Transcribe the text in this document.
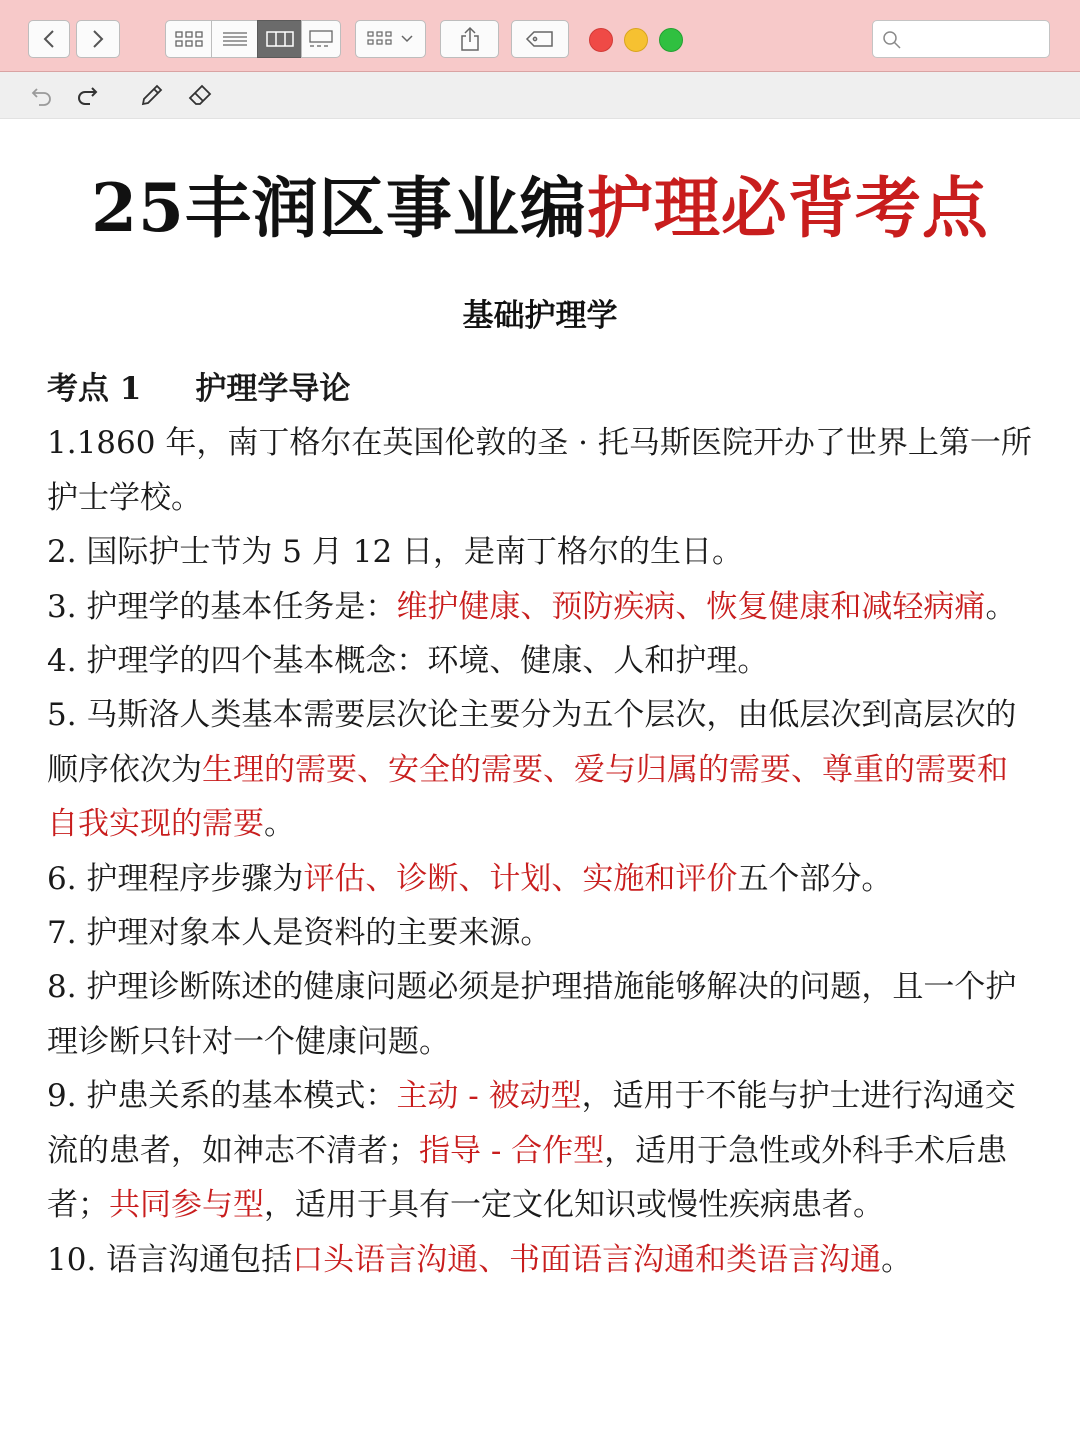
25丰润区事业编护理必背考点
基础护理学
考点 1     护理学导论

1.1860 年，南丁格尔在英国伦敦的圣 · 托马斯医院开办了世界上第一所护士学校。

2. 国际护士节为 5 月 12 日，是南丁格尔的生日。

3. 护理学的基本任务是：维护健康、预防疾病、恢复健康和减轻病痛。

4. 护理学的四个基本概念：环境、健康、人和护理。

5. 马斯洛人类基本需要层次论主要分为五个层次，由低层次到高层次的顺序依次为生理的需要、安全的需要、爱与归属的需要、尊重的需要和自我实现的需要。

6. 护理程序步骤为评估、诊断、计划、实施和评价五个部分。

7. 护理对象本人是资料的主要来源。

8. 护理诊断陈述的健康问题必须是护理措施能够解决的问题，且一个护理诊断只针对一个健康问题。

9. 护患关系的基本模式：主动 - 被动型，适用于不能与护士进行沟通交流的患者，如神志不清者；指导 - 合作型，适用于急性或外科手术后患者；共同参与型，适用于具有一定文化知识或慢性疾病患者。

10. 语言沟通包括口头语言沟通、书面语言沟通和类语言沟通。
